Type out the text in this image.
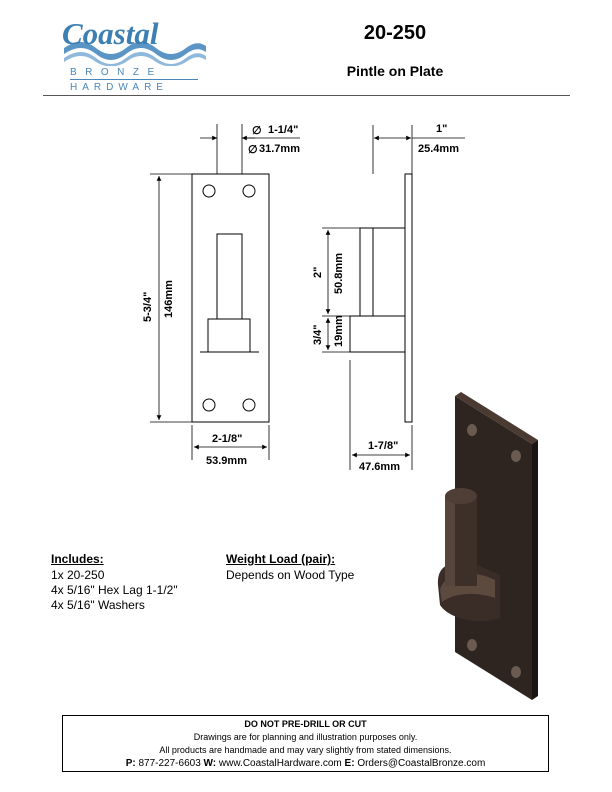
Coastal
BRONZE
HARDWARE
20-250
Pintle on Plate
∅ 1-1/4"
∅ 31.7mm
1"
25.4mm
5-3/4" 146mm
2" 50.8mm
3/4" 19mm
2-1/8"
53.9mm
1-7/8"
47.6mm
Includes:
1x 20-250
4x 5/16" Hex Lag 1-1/2"
4x 5/16" Washers
Weight Load (pair):
Depends on Wood Type
DO NOT PRE-DRILL OR CUT
Drawings are for planning and illustration purposes only.
All products are handmade and may vary slightly from stated dimensions.
P: 877-227-6603 W: www.CoastalHardware.com E: Orders@CoastalBronze.com
